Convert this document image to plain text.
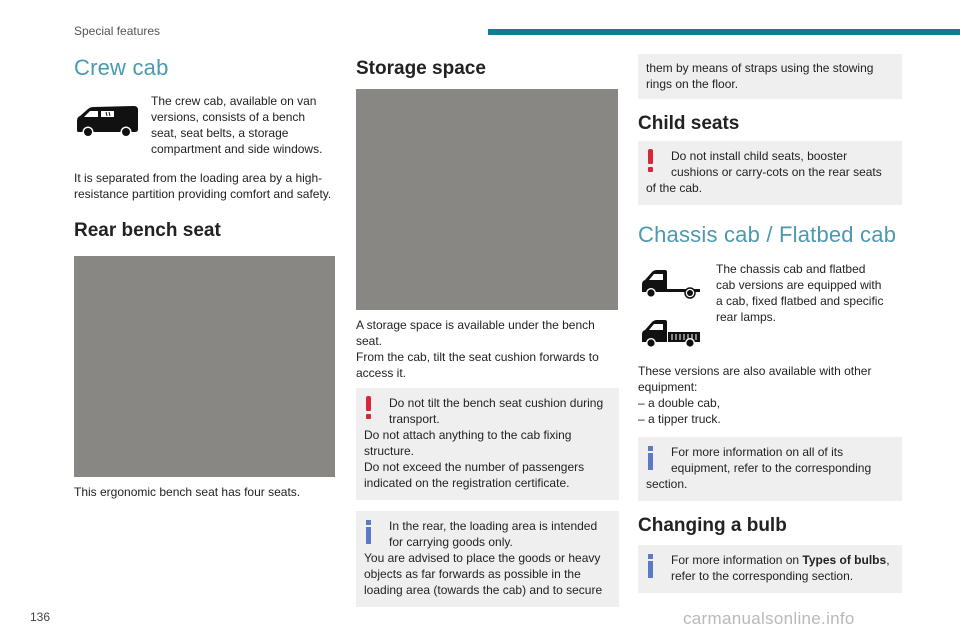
Special features
Crew cab

The crew cab, available on van

versions, consists of a bench

seat, seat belts, a storage

compartment and side windows.

It is separated from the loading area by a high-

resistance partition providing comfort and safety.

Rear bench seat

This ergonomic bench seat has four seats.

Storage space

A storage space is available under the bench

seat.

From the cab, tilt the seat cushion forwards to

access it.

Do not tilt the bench seat cushion during
transport.
Do not attach anything to the cab fixing
structure.
Do not exceed the number of passengers
indicated on the registration certificate.
In the rear, the loading area is intended
for carrying goods only.
You are advised to place the goods or heavy
objects as far forwards as possible in the
loading area (towards the cab) and to secure
them by means of straps using the stowing
rings on the floor.
Child seats
Do not install child seats, booster
cushions or carry-cots on the rear seats
of the cab.
Chassis cab / Flatbed cab

The chassis cab and flatbed

cab versions are equipped with

a cab, fixed flatbed and specific

rear lamps.

These versions are also available with other

equipment:

– a double cab,

– a tipper truck.

For more information on all of its
equipment, refer to the corresponding
section.
Changing a bulb
For more information on Types of bulbs,
refer to the corresponding section.
136	carmanualsonline.info
